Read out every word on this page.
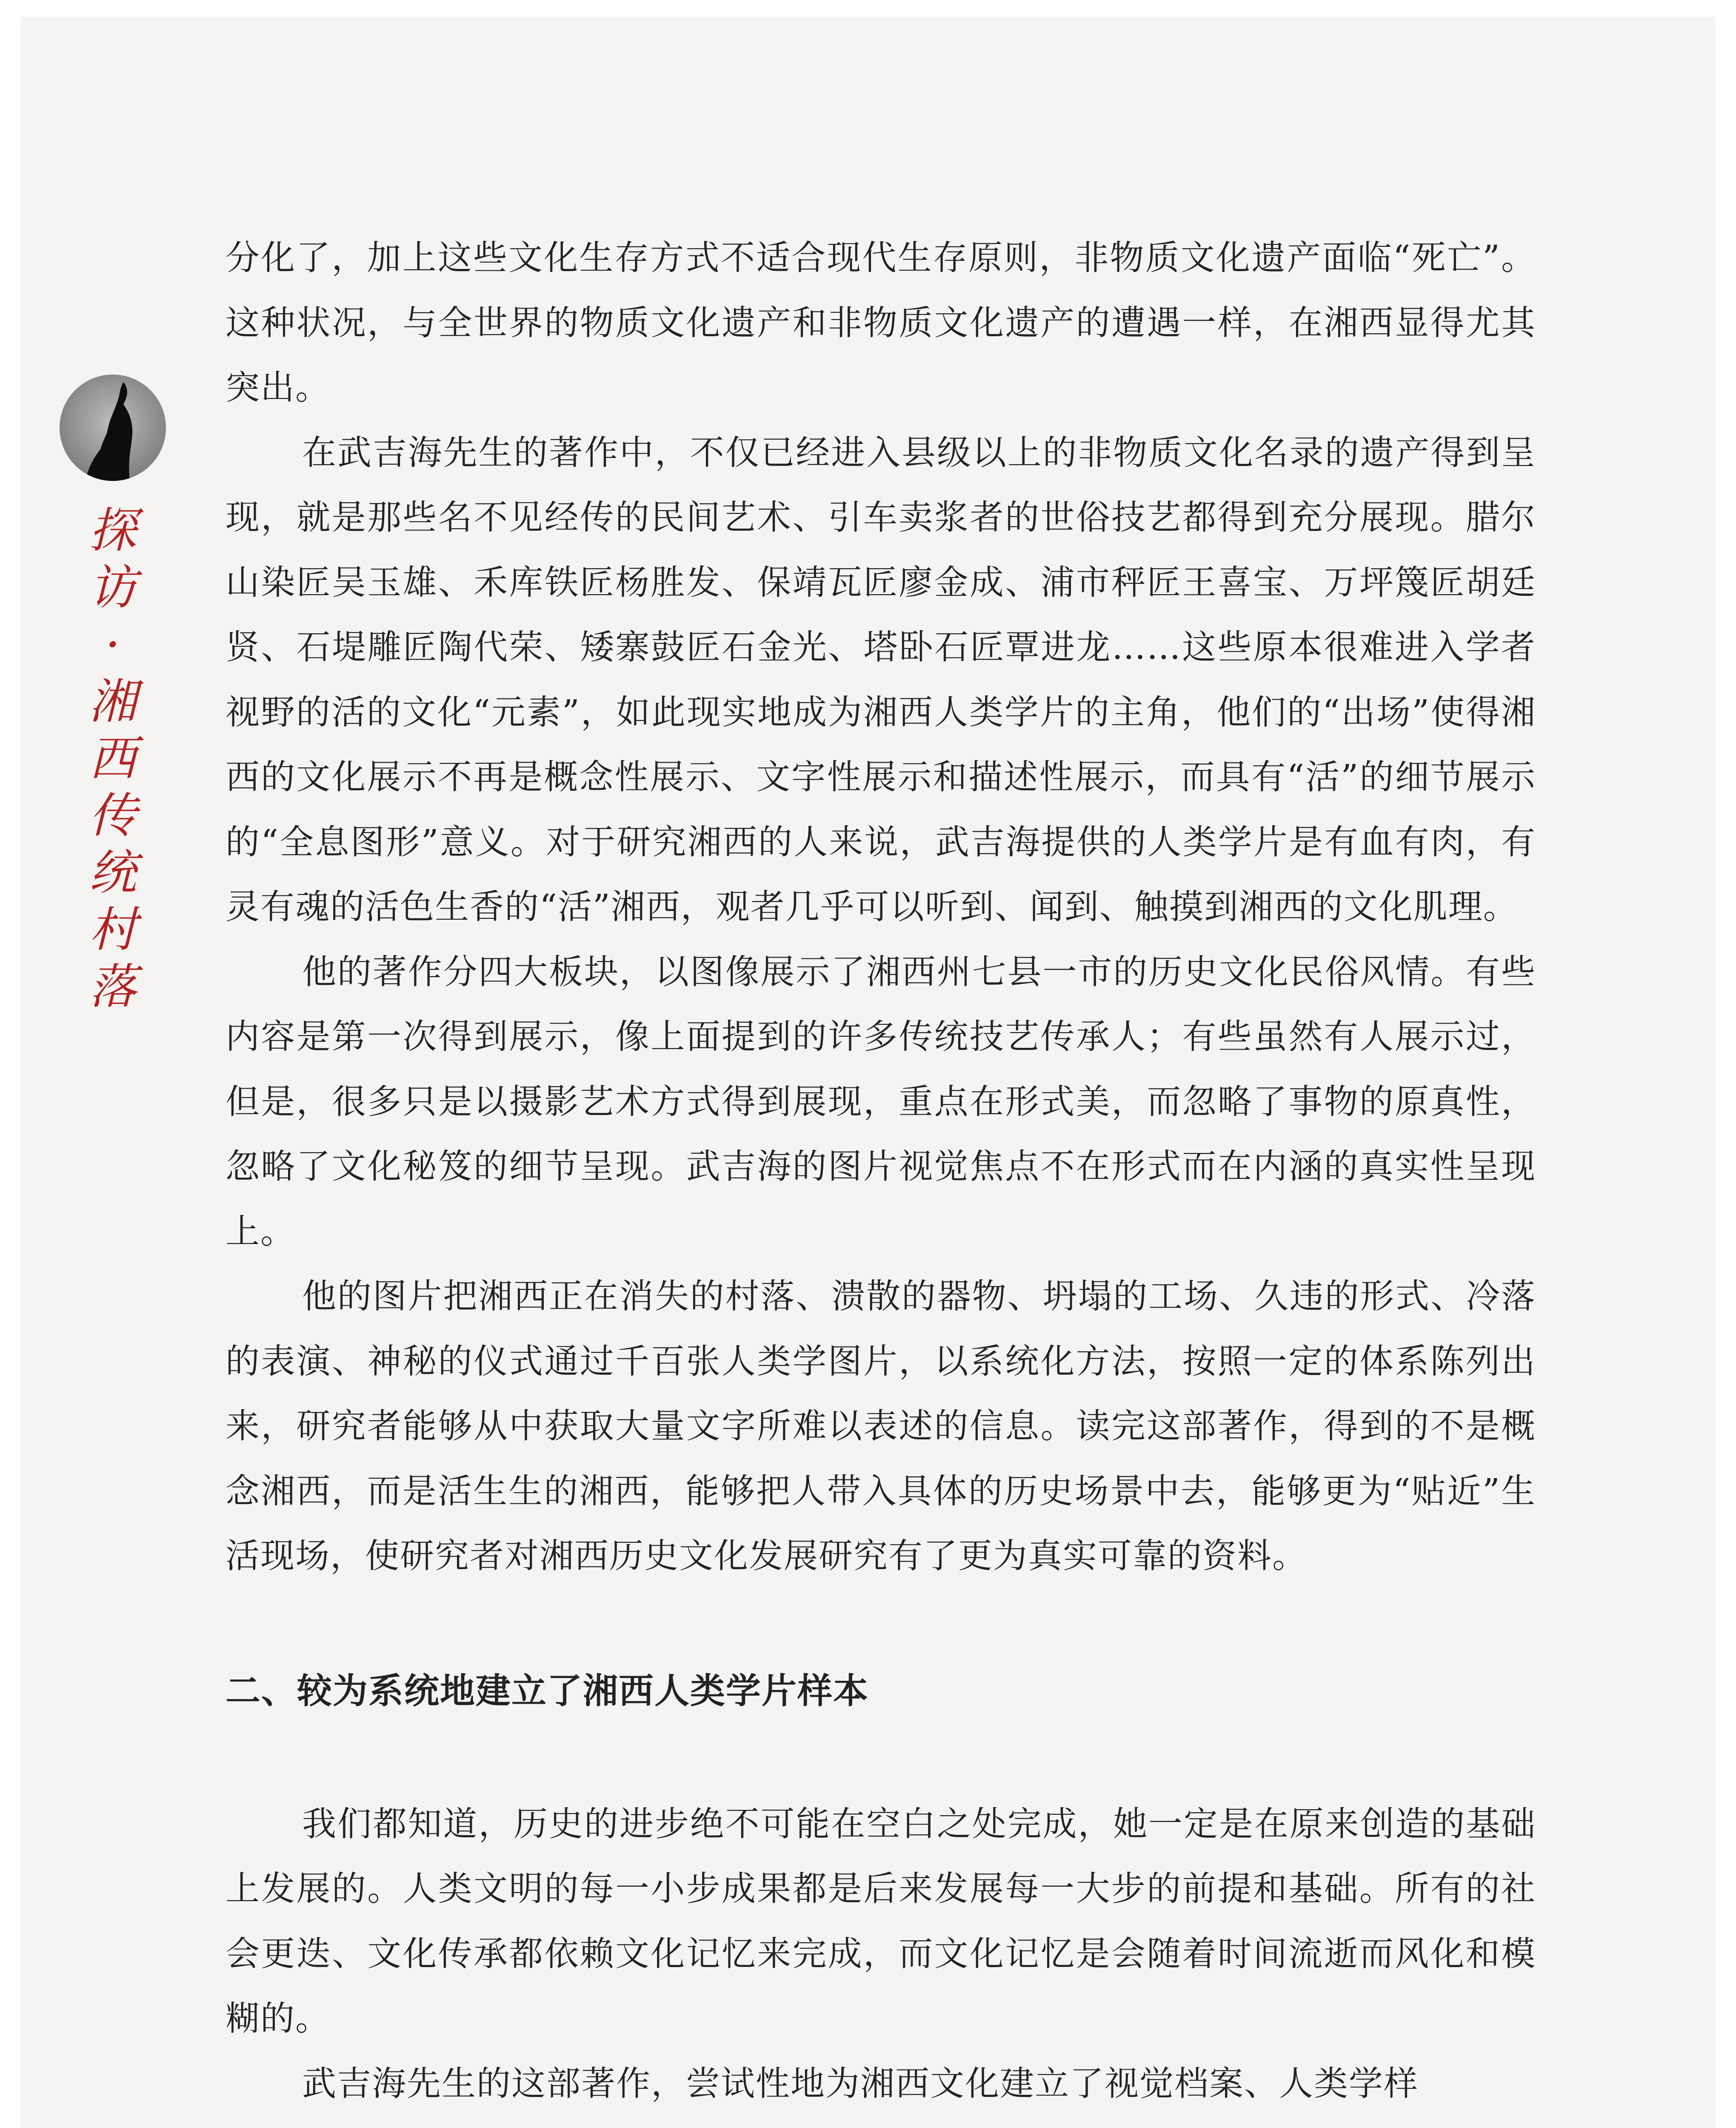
探
访
·
湘
西
传
统
村
落

分化了，加上这些文化生存方式不适合现代生存原则，非物质文化遗产面临“死亡”。这种状况，与全世界的物质文化遗产和非物质文化遗产的遭遇一样，在湘西显得尤其突出。

在武吉海先生的著作中，不仅已经进入县级以上的非物质文化名录的遗产得到呈现，就是那些名不见经传的民间艺术、引车卖浆者的世俗技艺都得到充分展现。腊尔山染匠吴玉雄、禾库铁匠杨胜发、保靖瓦匠廖金成、浦市秤匠王喜宝、万坪篾匠胡廷贤、石堤雕匠陶代荣、矮寨鼓匠石金光、塔卧石匠覃进龙……这些原本很难进入学者视野的活的文化“元素”，如此现实地成为湘西人类学片的主角，他们的“出场”使得湘西的文化展示不再是概念性展示、文字性展示和描述性展示，而具有“活”的细节展示的“全息图形”意义。对于研究湘西的人来说，武吉海提供的人类学片是有血有肉，有灵有魂的活色生香的“活”湘西，观者几乎可以听到、闻到、触摸到湘西的文化肌理。

他的著作分四大板块，以图像展示了湘西州七县一市的历史文化民俗风情。有些内容是第一次得到展示，像上面提到的许多传统技艺传承人；有些虽然有人展示过，但是，很多只是以摄影艺术方式得到展现，重点在形式美，而忽略了事物的原真性，忽略了文化秘笈的细节呈现。武吉海的图片视觉焦点不在形式而在内涵的真实性呈现上。

他的图片把湘西正在消失的村落、溃散的器物、坍塌的工场、久违的形式、冷落的表演、神秘的仪式通过千百张人类学图片，以系统化方法，按照一定的体系陈列出来，研究者能够从中获取大量文字所难以表述的信息。读完这部著作，得到的不是概念湘西，而是活生生的湘西，能够把人带入具体的历史场景中去，能够更为“贴近”生活现场，使研究者对湘西历史文化发展研究有了更为真实可靠的资料。

二、较为系统地建立了湘西人类学片样本

我们都知道，历史的进步绝不可能在空白之处完成，她一定是在原来创造的基础上发展的。人类文明的每一小步成果都是后来发展每一大步的前提和基础。所有的社会更迭、文化传承都依赖文化记忆来完成，而文化记忆是会随着时间流逝而风化和模糊的。

武吉海先生的这部著作，尝试性地为湘西文化建立了视觉档案、人类学样
